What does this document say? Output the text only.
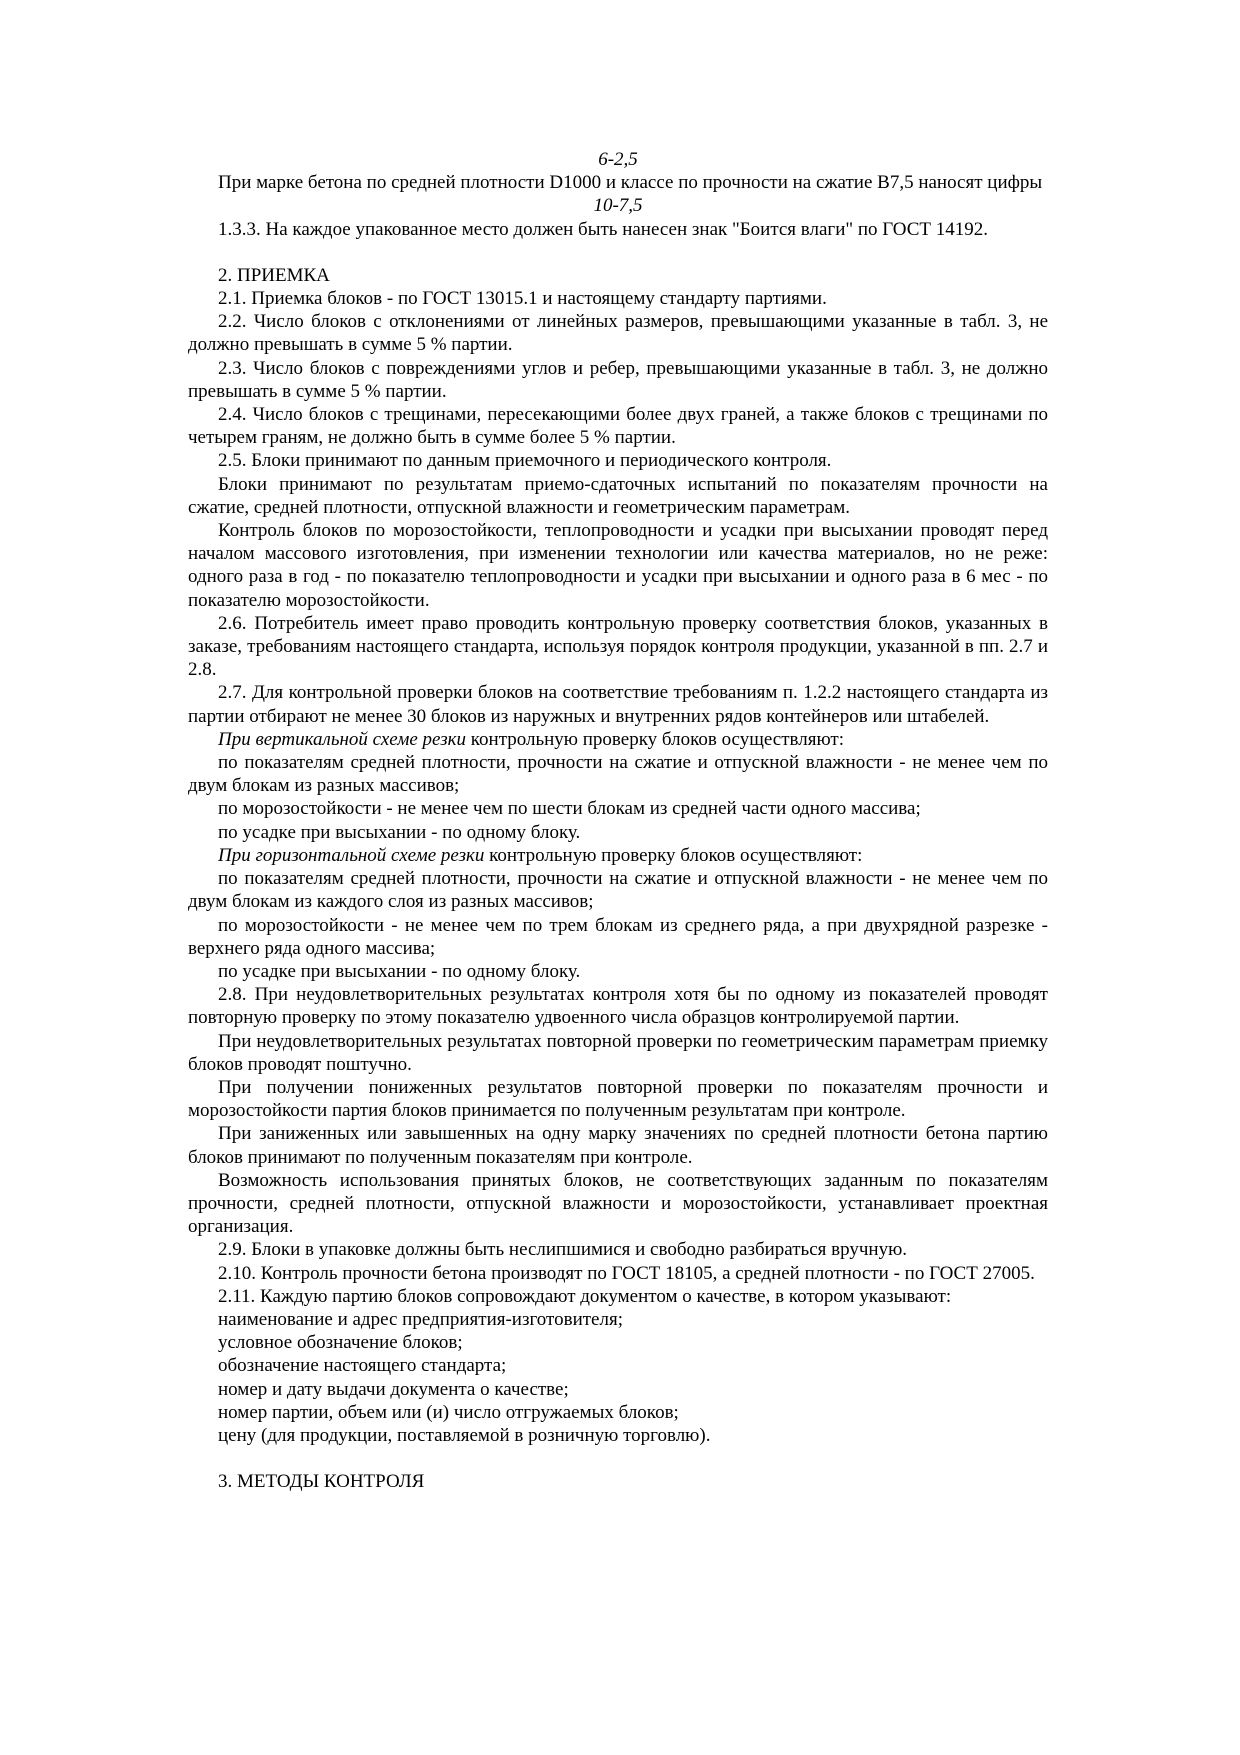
6-2,5

При марке бетона по средней плотности D1000 и классе по прочности на сжатие B7,5 наносят цифры

10-7,5

1.3.3. На каждое упакованное место должен быть нанесен знак "Боится влаги" по ГОСТ 14192.

2. ПРИЕМКА

2.1. Приемка блоков - по ГОСТ 13015.1 и настоящему стандарту партиями.

2.2. Число блоков с отклонениями от линейных размеров, превышающими указанные в табл. 3, не должно превышать в сумме 5 % партии.

2.3. Число блоков с повреждениями углов и ребер, превышающими указанные в табл. 3, не должно превышать в сумме 5 % партии.

2.4. Число блоков с трещинами, пересекающими более двух граней, а также блоков с трещинами по четырем граням, не должно быть в сумме более 5 % партии.

2.5. Блоки принимают по данным приемочного и периодического контроля.

Блоки принимают по результатам приемо-сдаточных испытаний по показателям прочности на сжатие, средней плотности, отпускной влажности и геометрическим параметрам.

Контроль блоков по морозостойкости, теплопроводности и усадки при высыхании проводят перед началом массового изготовления, при изменении технологии или качества материалов, но не реже: одного раза в год - по показателю теплопроводности и усадки при высыхании и одного раза в 6 мес - по показателю морозостойкости.

2.6. Потребитель имеет право проводить контрольную проверку соответствия блоков, указанных в заказе, требованиям настоящего стандарта, используя порядок контроля продукции, указанной в пп. 2.7 и 2.8.

2.7. Для контрольной проверки блоков на соответствие требованиям п. 1.2.2 настоящего стандарта из партии отбирают не менее 30 блоков из наружных и внутренних рядов контейнеров или штабелей.

При вертикальной схеме резки контрольную проверку блоков осуществляют:

по показателям средней плотности, прочности на сжатие и отпускной влажности - не менее чем по двум блокам из разных массивов;

по морозостойкости - не менее чем по шести блокам из средней части одного массива;

по усадке при высыхании - по одному блоку.

При горизонтальной схеме резки контрольную проверку блоков осуществляют:

по показателям средней плотности, прочности на сжатие и отпускной влажности - не менее чем по двум блокам из каждого слоя из разных массивов;

по морозостойкости - не менее чем по трем блокам из среднего ряда, а при двухрядной разрезке - верхнего ряда одного массива;

по усадке при высыхании - по одному блоку.

2.8. При неудовлетворительных результатах контроля хотя бы по одному из показателей проводят повторную проверку по этому показателю удвоенного числа образцов контролируемой партии.

При неудовлетворительных результатах повторной проверки по геометрическим параметрам приемку блоков проводят поштучно.

При получении пониженных результатов повторной проверки по показателям прочности и морозостойкости партия блоков принимается по полученным результатам при контроле.

При заниженных или завышенных на одну марку значениях по средней плотности бетона партию блоков принимают по полученным показателям при контроле.

Возможность использования принятых блоков, не соответствующих заданным по показателям прочности, средней плотности, отпускной влажности и морозостойкости, устанавливает проектная организация.

2.9. Блоки в упаковке должны быть неслипшимися и свободно разбираться вручную.

2.10. Контроль прочности бетона производят по ГОСТ 18105, а средней плотности - по ГОСТ 27005.

2.11. Каждую партию блоков сопровождают документом о качестве, в котором указывают:

наименование и адрес предприятия-изготовителя;

условное обозначение блоков;

обозначение настоящего стандарта;

номер и дату выдачи документа о качестве;

номер партии, объем или (и) число отгружаемых блоков;

цену (для продукции, поставляемой в розничную торговлю).

3. МЕТОДЫ КОНТРОЛЯ
